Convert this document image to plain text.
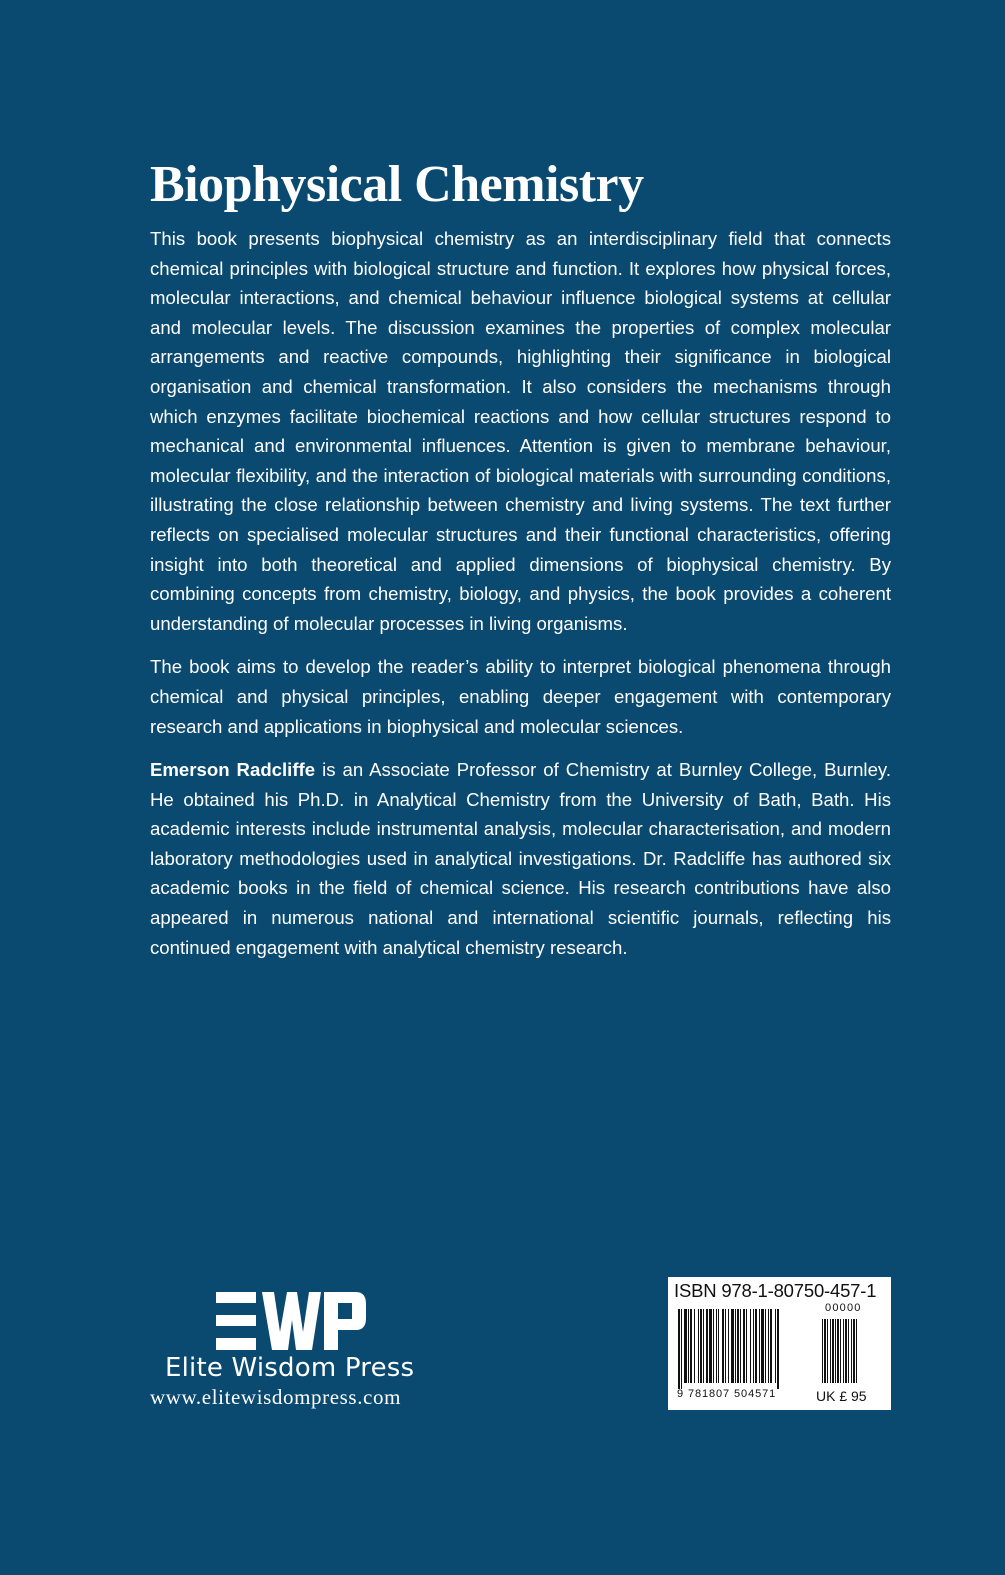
Biophysical Chemistry

This book presents biophysical chemistry as an interdisciplinary field that connects chemical principles with biological structure and function. It explores how physical forces, molecular interactions, and chemical behaviour influence biological systems at cellular and molecular levels. The discussion examines the properties of complex molecular arrangements and reactive compounds, highlighting their significance in biological organisation and chemical transformation. It also considers the mechanisms through which enzymes facilitate biochemical reactions and how cellular structures respond to mechanical and environmental influences. Attention is given to membrane behaviour, molecular flexibility, and the interaction of biological materials with surrounding conditions, illustrating the close relationship between chemistry and living systems. The text further reflects on specialised molecular structures and their functional characteristics, offering insight into both theoretical and applied dimensions of biophysical chemistry. By combining concepts from chemistry, biology, and physics, the book provides a coherent understanding of molecular processes in living organisms.

The book aims to develop the reader’s ability to interpret biological phenomena through chemical and physical principles, enabling deeper engagement with contemporary research and applications in biophysical and molecular sciences.

Emerson Radcliffe is an Associate Professor of Chemistry at Burnley College, Burnley. He obtained his Ph.D. in Analytical Chemistry from the University of Bath, Bath. His academic interests include instrumental analysis, molecular characterisation, and modern laboratory methodologies used in analytical investigations. Dr. Radcliffe has authored six academic books in the field of chemical science. His research contributions have also appeared in numerous national and international scientific journals, reflecting his continued engagement with analytical chemistry research.

Elite Wisdom Press
www.elitewisdompress.com
ISBN 978-1-80750-457-1
00000
9 781807 504571	UK £ 95
